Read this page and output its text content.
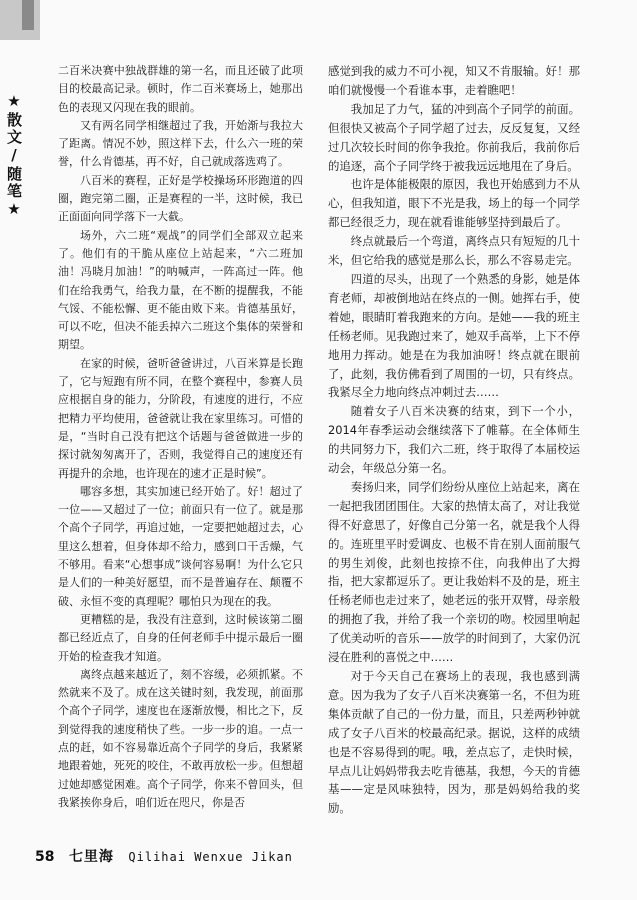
★散文/随笔★

二百米决赛中独战群雄的第一名，而且还破了此项目的校最高记录。顿时，作二百米赛场上，她那出色的表现又闪现在我的眼前。

又有两名同学相继超过了我，开始渐与我拉大了距离。情况不妙，照这样下去，什么六一班的荣誉，什么肯德基，再不好，自己就成落选鸡了。

八百米的赛程，正好是学校操场环形跑道的四圈，跑完第二圈，正是赛程的一半，这时候，我已正面面向同学落下一大截。

场外，六二班“观战”的同学们全部双立起来了。他们有的干脆从座位上站起来，“六二班加油！冯晓月加油！”的呐喊声，一阵高过一阵。他们在给我勇气，给我力量，在不断的提醒我，不能气馁、不能松懈、更不能由败下来。肯德基虽好，可以不吃，但决不能丢掉六二班这个集体的荣誉和期望。

在家的时候，爸听爸爸讲过，八百米算是长跑了，它与短跑有所不同，在整个赛程中，参赛人员应根据自身的能力，分阶段，有速度的进行，不应把精力平均使用，爸爸就让我在家里练习。可惜的是，“当时自己没有把这个话题与爸爸做进一步的探讨就匆匆离开了，否则，我觉得自己的速度还有再提升的余地，也许现在的速才正是时候”。

哪容多想，其实加速已经开始了。好！超过了一位——又超过了一位；前面只有一位了。就是那个高个子同学，再追过她，一定要把她超过去，心里这么想着，但身体却不给力，感到口干舌燥，气不够用。看来“心想事成”谈何容易啊！为什么它只是人们的一种美好愿望，而不是普遍存在、颠覆不破、永恒不变的真理呢？哪怕只为现在的我。

更糟糕的是，我没有注意到，这时候该第二圈都已经近点了，自身的任何老师手中提示最后一圈开始的检查我才知道。

离终点越来越近了，刻不容缓，必须抓紧。不然就来不及了。成在这关键时刻，我发现，前面那个高个子同学，速度也在逐渐放慢，相比之下，反到觉得我的速度稍快了些。一步一步的追。一点一点的赶，如不容易靠近高个子同学的身后，我紧紧地跟着她，死死的咬住，不敢再放松一步。但想超过她却感觉困难。高个子同学，你来不曾回头，但我紧挨你身后，咱们近在咫尺，你是否

感觉到我的威力不可小视，知又不肯服输。好！那咱们就慢慢一个看谁本事，走着瞧吧！

我加足了力气，猛的冲到高个子同学的前面。但很快又被高个子同学超了过去，反反复复，又经过几次较长时间的你争我抢。你前我后，我前你后的追逐，高个子同学终于被我远远地甩在了身后。

也许是体能极限的原因，我也开始感到力不从心，但我知道，眼下不光是我，场上的每一个同学都已经很乏力，现在就看谁能够坚持到最后了。

终点就最后一个弯道，离终点只有短短的几十米，但它给我的感觉是那么长，那么不容易走完。

四道的尽头，出现了一个熟悉的身影，她是体育老师，却被倒地站在终点的一侧。她挥右手，使着她，眼睛盯着我跑来的方向。是她——我的班主任杨老师。见我跑过来了，她双手高举，上下不停地用力挥动。她是在为我加油呀！终点就在眼前了，此刻，我仿佛看到了周围的一切，只有终点。我紧尽全力地向终点冲刺过去……

随着女子八百米决赛的结束，到下一个小，2014年春季运动会继续落下了帷幕。在全体师生的共同努力下，我们六二班，终于取得了本届校运动会，年级总分第一名。

奏扬归来，同学们纷纷从座位上站起来，离在一起把我团团围住。大家的热情太高了，对让我觉得不好意思了，好像自己分第一名，就是我个人得的。连班里平时爱调皮、也极不肯在别人面前服气的男生刘俊，此刻也按捺不住，向我伸出了大拇指，把大家都逗乐了。更让我始料不及的是，班主任杨老师也走过来了，她老远的张开双臂，母亲般的拥抱了我，并给了我一个亲切的吻。校园里响起了优美动听的音乐——放学的时间到了，大家仍沉浸在胜利的喜悦之中……

对于今天自己在赛场上的表现，我也感到满意。因为我为了女子八百米决赛第一名，不但为班集体贡献了自己的一份力量，而且，只差两秒钟就成了女子八百米的校最高纪录。据说，这样的成绩也是不容易得到的呢。哦，差点忘了，走快时候，早点儿让妈妈带我去吃肯德基，我想，今天的肯德基——定是风味独特，因为，那是妈妈给我的奖励。

58 七里海 Qilihai Wenxue Jikan
